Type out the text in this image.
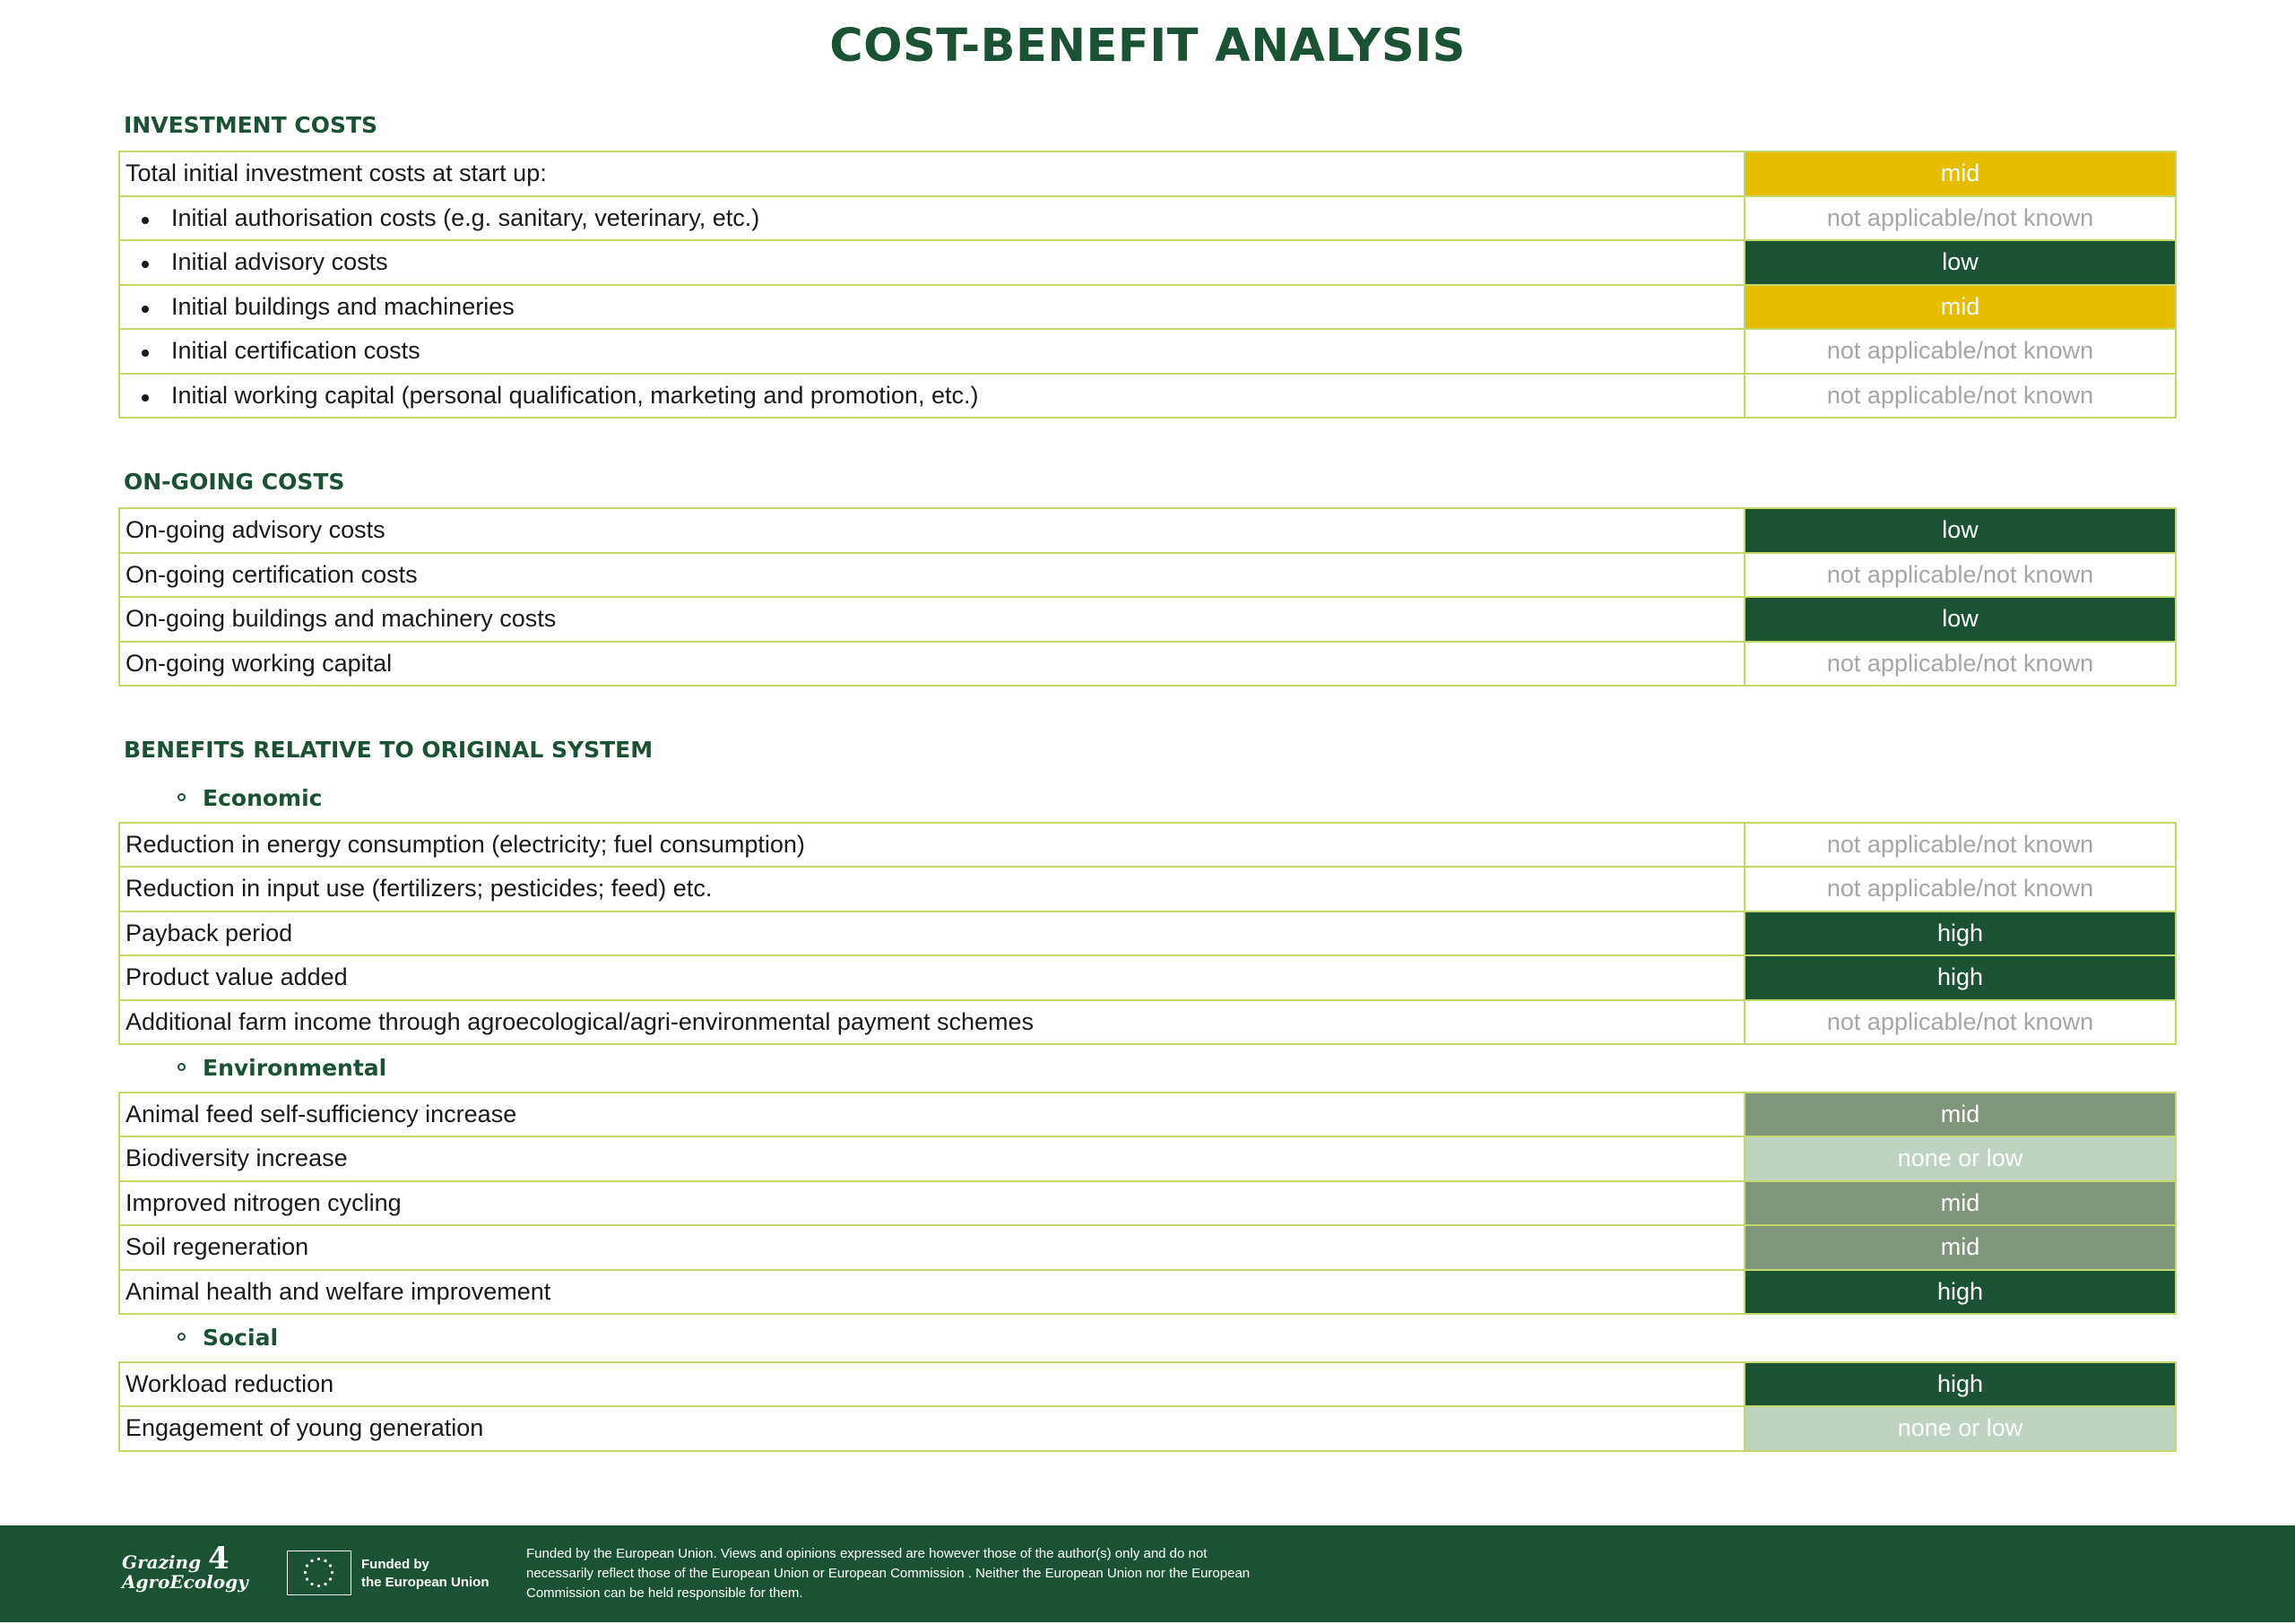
COST-BENEFIT ANALYSIS
INVESTMENT COSTS
Total initial investment costs at start up:	mid

Initial authorisation costs (e.g. sanitary, veterinary, etc.)	not applicable/not known

Initial advisory costs	low

Initial buildings and machineries	mid

Initial certification costs	not applicable/not known

Initial working capital (personal qualification, marketing and promotion, etc.)	not applicable/not known
ON-GOING COSTS
On-going advisory costs	low
On-going certification costs	not applicable/not known
On-going buildings and machinery costs	low
On-going working capital	not applicable/not known
BENEFITS RELATIVE TO ORIGINAL SYSTEM
Economic
Reduction in energy consumption (electricity; fuel consumption)	not applicable/not known
Reduction in input use (fertilizers; pesticides; feed) etc.	not applicable/not known
Payback period	high
Product value added	high
Additional farm income through agroecological/agri-environmental payment schemes	not applicable/not known
Environmental
Animal feed self-sufficiency increase	mid
Biodiversity increase	none or low
Improved nitrogen cycling	mid
Soil regeneration	mid
Animal health and welfare improvement	high
Social
Workload reduction	high
Engagement of young generation	none or low
Grazing
AgroEcology
4	Funded by
the European Union
Funded by the European Union. Views and opinions expressed are however those of the author(s) only and do not necessarily reflect those of the European Union or European Commission . Neither the European Union nor the European Commission can be held responsible for them.
